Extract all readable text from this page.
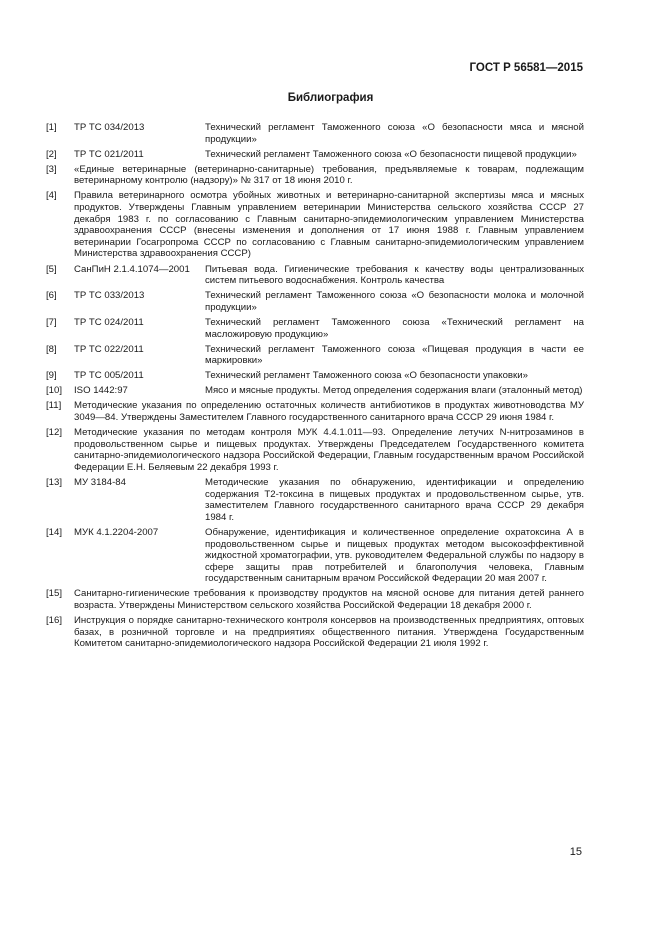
ГОСТ Р 56581—2015
Библиография
[1]	ТР ТС 034/2013	Технический регламент Таможенного союза «О безопасности мяса и мясной продукции»
[2]	ТР ТС 021/2011	Технический регламент Таможенного союза «О безопасности пищевой продукции»
[3]	«Единые ветеринарные (ветеринарно-санитарные) требования, предъявляемые к товарам, подлежащим ветеринарному контролю (надзору)» № 317 от 18 июня 2010 г.
[4]	Правила ветеринарного осмотра убойных животных и ветеринарно-санитарной экспертизы мяса и мясных продуктов. Утверждены Главным управлением ветеринарии Министерства сельского хозяйства СССР 27 декабря 1983 г. по согласованию с Главным санитарно-эпидемиологическим управлением Министерства здравоохранения СССР (внесены изменения и дополнения от 17 июня 1988 г. Главным управлением ветеринарии Госагропрома СССР по согласованию с Главным санитарно-эпидемиологическим управлением Министерства здравоохранения СССР)
[5]	СанПиН 2.1.4.1074—2001	Питьевая вода. Гигиенические требования к качеству воды централизованных систем питьевого водоснабжения. Контроль качества
[6]	ТР ТС 033/2013	Технический регламент Таможенного союза «О безопасности молока и молочной продукции»
[7]	ТР ТС 024/2011	Технический регламент Таможенного союза «Технический регламент на масложировую продукцию»
[8]	ТР ТС 022/2011	Технический регламент Таможенного союза «Пищевая продукция в части ее маркировки»
[9]	ТР ТС 005/2011	Технический регламент Таможенного союза «О безопасности упаковки»
[10]	ISO 1442:97	Мясо и мясные продукты. Метод определения содержания влаги (эталонный метод)
[11]	Методические указания по определению остаточных количеств антибиотиков в продуктах животноводства МУ 3049—84. Утверждены Заместителем Главного государственного санитарного врача СССР 29 июня 1984 г.
[12]	Методические указания по методам контроля МУК 4.4.1.011—93. Определение летучих N-нитрозаминов в продовольственном сырье и пищевых продуктах. Утверждены Председателем Государственного комитета санитарно-эпидемиологического надзора Российской Федерации, Главным государственным врачом Российской Федерации Е.Н. Беляевым 22 декабря 1993 г.
[13]	МУ 3184-84	Методические указания по обнаружению, идентификации и определению содержания Т2-токсина в пищевых продуктах и продовольственном сырье, утв. заместителем Главного государственного санитарного врача СССР 29 декабря 1984 г.
[14]	МУК 4.1.2204-2007	Обнаружение, идентификация и количественное определение охратоксина А в продовольственном сырье и пищевых продуктах методом высокоэффективной жидкостной хроматографии, утв. руководителем Федеральной службы по надзору в сфере защиты прав потребителей и благополучия человека, Главным государственным санитарным врачом Российской Федерации 20 мая 2007 г.
[15]	Санитарно-гигиенические требования к производству продуктов на мясной основе для питания детей раннего возраста. Утверждены Министерством сельского хозяйства Российской Федерации 18 декабря 2000 г.
[16]	Инструкция о порядке санитарно-технического контроля консервов на производственных предприятиях, оптовых базах, в розничной торговле и на предприятиях общественного питания. Утверждена Государственным Комитетом санитарно-эпидемиологического надзора Российской Федерации 21 июля 1992 г.
15
